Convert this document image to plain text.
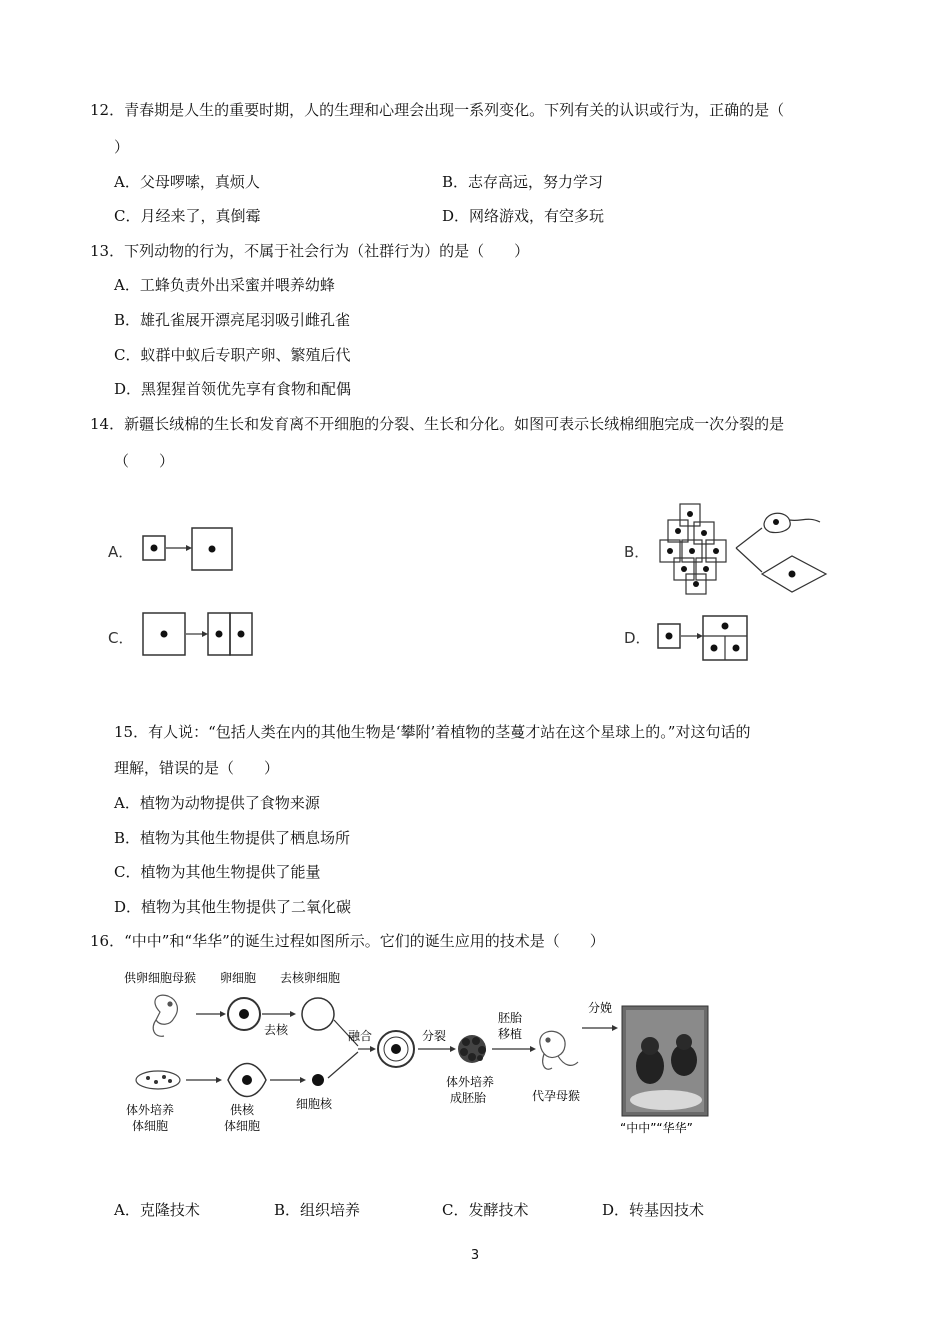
12．青春期是人生的重要时期，人的生理和心理会出现一系列变化。下列有关的认识或行为，正确的是（
）
A．父母啰嗦，真烦人	B．志存高远，努力学习
C．月经来了，真倒霉	D．网络游戏，有空多玩
13．下列动物的行为，不属于社会行为（社群行为）的是（　　）
A．工蜂负责外出采蜜并喂养幼蜂
B．雄孔雀展开漂亮尾羽吸引雌孔雀
C．蚁群中蚁后专职产卵、繁殖后代
D．黑猩猩首领优先享有食物和配偶
14．新疆长绒棉的生长和发育离不开细胞的分裂、生长和分化。如图可表示长绒棉细胞完成一次分裂的是
（　　）
A．	B．
C．	D．
15．有人说：“包括人类在内的其他生物是‘攀附’着植物的茎蔓才站在这个星球上的。”对这句话的
理解，错误的是（　　）
A．植物为动物提供了食物来源
B．植物为其他生物提供了栖息场所
C．植物为其他生物提供了能量
D．植物为其他生物提供了二氧化碳
16．“中中”和“华华”的诞生过程如图所示。它们的诞生应用的技术是（　　）
供卵细胞母猴 卵细胞
去核
去核卵细胞
体外培养
体细胞
供核
体细胞
细胞核
融合	分裂
体外培养
成胚胎
胚胎
移植
代孕母猴
分娩
“中中”“华华”
A．克隆技术	B．组织培养	C．发酵技术	D．转基因技术
3
